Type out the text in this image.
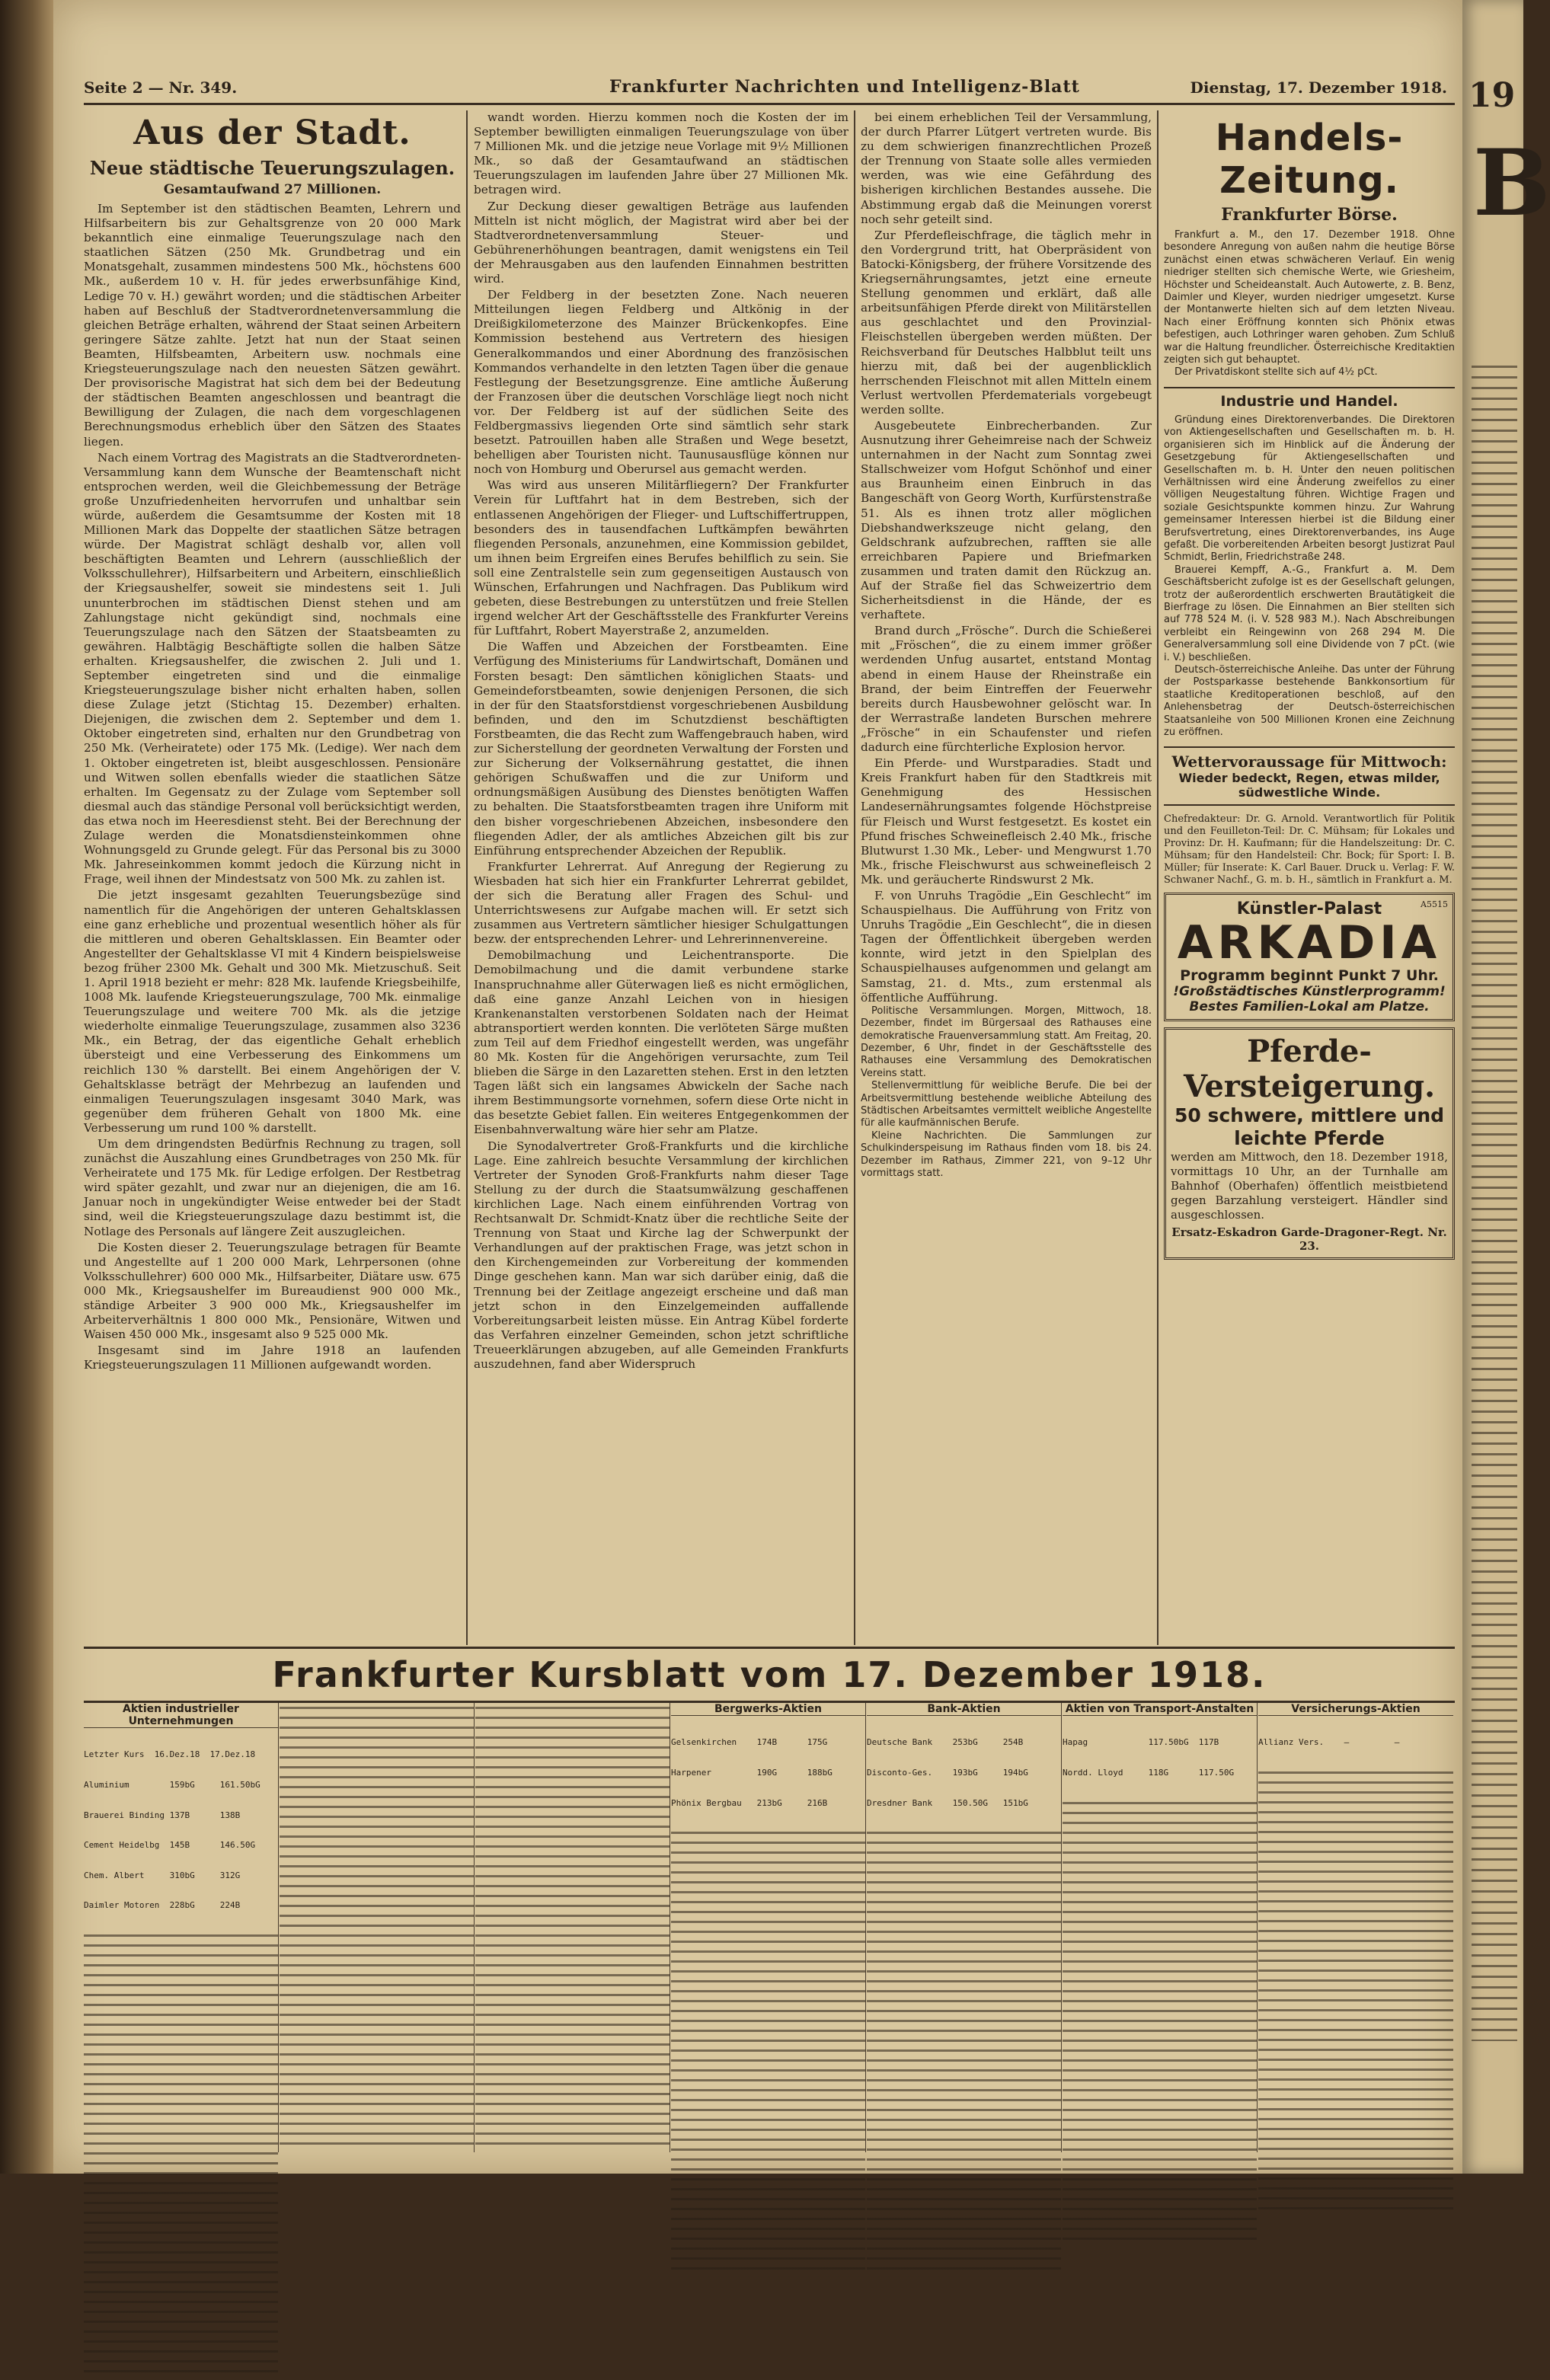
19
B
Seite 2 — Nr. 349.	Frankfurter Nachrichten und Intelligenz-Blatt	Dienstag, 17. Dezember 1918.
Aus der Stadt.
Neue städtische Teuerungszulagen.
Gesamtaufwand 27 Millionen.

Im September ist den städtischen Beamten, Lehrern und Hilfsarbeitern bis zur Gehaltsgrenze von 20 000 Mark bekanntlich eine einmalige Teuerungszulage nach den staatlichen Sätzen (250 Mk. Grundbetrag und ein Monatsgehalt, zusammen mindestens 500 Mk., höchstens 600 Mk., außerdem 10 v. H. für jedes erwerbsunfähige Kind, Ledige 70 v. H.) gewährt worden; und die städtischen Arbeiter haben auf Beschluß der Stadtverordnetenversammlung die gleichen Beträge erhalten, während der Staat seinen Arbeitern geringere Sätze zahlte. Jetzt hat nun der Staat seinen Beamten, Hilfsbeamten, Arbeitern usw. nochmals eine Kriegsteuerungszulage nach den neuesten Sätzen gewährt. Der provisorische Magistrat hat sich dem bei der Bedeutung der städtischen Beamten angeschlossen und beantragt die Bewilligung der Zulagen, die nach dem vorgeschlagenen Berechnungsmodus erheblich über den Sätzen des Staates liegen.

Nach einem Vortrag des Magistrats an die Stadtverordneten-Versammlung kann dem Wunsche der Beamtenschaft nicht entsprochen werden, weil die Gleichbemessung der Beträge große Unzufriedenheiten hervorrufen und unhaltbar sein würde, außerdem die Gesamtsumme der Kosten mit 18 Millionen Mark das Doppelte der staatlichen Sätze betragen würde. Der Magistrat schlägt deshalb vor, allen voll beschäftigten Beamten und Lehrern (ausschließlich der Volksschullehrer), Hilfsarbeitern und Arbeitern, einschließlich der Kriegsaushelfer, soweit sie mindestens seit 1. Juli ununterbrochen im städtischen Dienst stehen und am Zahlungstage nicht gekündigt sind, nochmals eine Teuerungszulage nach den Sätzen der Staatsbeamten zu gewähren. Halbtägig Beschäftigte sollen die halben Sätze erhalten. Kriegsaushelfer, die zwischen 2. Juli und 1. September eingetreten sind und die einmalige Kriegsteuerungszulage bisher nicht erhalten haben, sollen diese Zulage jetzt (Stichtag 15. Dezember) erhalten. Diejenigen, die zwischen dem 2. September und dem 1. Oktober eingetreten sind, erhalten nur den Grundbetrag von 250 Mk. (Verheiratete) oder 175 Mk. (Ledige). Wer nach dem 1. Oktober eingetreten ist, bleibt ausgeschlossen. Pensionäre und Witwen sollen ebenfalls wieder die staatlichen Sätze erhalten. Im Gegensatz zu der Zulage vom September soll diesmal auch das ständige Personal voll berücksichtigt werden, das etwa noch im Heeresdienst steht. Bei der Berechnung der Zulage werden die Monatsdiensteinkommen ohne Wohnungsgeld zu Grunde gelegt. Für das Personal bis zu 3000 Mk. Jahreseinkommen kommt jedoch die Kürzung nicht in Frage, weil ihnen der Mindestsatz von 500 Mk. zu zahlen ist.

Die jetzt insgesamt gezahlten Teuerungsbezüge sind namentlich für die Angehörigen der unteren Gehaltsklassen eine ganz erhebliche und prozentual wesentlich höher als für die mittleren und oberen Gehaltsklassen. Ein Beamter oder Angestellter der Gehaltsklasse VI mit 4 Kindern beispielsweise bezog früher 2300 Mk. Gehalt und 300 Mk. Mietzuschuß. Seit 1. April 1918 bezieht er mehr: 828 Mk. laufende Kriegsbeihilfe, 1008 Mk. laufende Kriegsteuerungszulage, 700 Mk. einmalige Teuerungszulage und weitere 700 Mk. als die jetzige wiederholte einmalige Teuerungszulage, zusammen also 3236 Mk., ein Betrag, der das eigentliche Gehalt erheblich übersteigt und eine Verbesserung des Einkommens um reichlich 130 % darstellt. Bei einem Angehörigen der V. Gehaltsklasse beträgt der Mehrbezug an laufenden und einmaligen Teuerungszulagen insgesamt 3040 Mark, was gegenüber dem früheren Gehalt von 1800 Mk. eine Verbesserung um rund 100 % darstellt.

Um dem dringendsten Bedürfnis Rechnung zu tragen, soll zunächst die Auszahlung eines Grundbetrages von 250 Mk. für Verheiratete und 175 Mk. für Ledige erfolgen. Der Restbetrag wird später gezahlt, und zwar nur an diejenigen, die am 16. Januar noch in ungekündigter Weise entweder bei der Stadt sind, weil die Kriegsteuerungszulage dazu bestimmt ist, die Notlage des Personals auf längere Zeit auszugleichen.

Die Kosten dieser 2. Teuerungszulage betragen für Beamte und Angestellte auf 1 200 000 Mark, Lehrpersonen (ohne Volksschullehrer) 600 000 Mk., Hilfsarbeiter, Diätare usw. 675 000 Mk., Kriegsaushelfer im Bureaudienst 900 000 Mk., ständige Arbeiter 3 900 000 Mk., Kriegsaushelfer im Arbeiterverhältnis 1 800 000 Mk., Pensionäre, Witwen und Waisen 450 000 Mk., insgesamt also 9 525 000 Mk.

Insgesamt sind im Jahre 1918 an laufenden Kriegsteuerungszulagen 11 Millionen aufgewandt worden.

wandt worden. Hierzu kommen noch die Kosten der im September bewilligten einmaligen Teuerungszulage von über 7 Millionen Mk. und die jetzige neue Vorlage mit 9½ Millionen Mk., so daß der Gesamtaufwand an städtischen Teuerungszulagen im laufenden Jahre über 27 Millionen Mk. betragen wird.

Zur Deckung dieser gewaltigen Beträge aus laufenden Mitteln ist nicht möglich, der Magistrat wird aber bei der Stadtverordnetenversammlung Steuer- und Gebührenerhöhungen beantragen, damit wenigstens ein Teil der Mehrausgaben aus den laufenden Einnahmen bestritten wird.

Der Feldberg in der besetzten Zone. Nach neueren Mitteilungen liegen Feldberg und Altkönig in der Dreißigkilometerzone des Mainzer Brückenkopfes. Eine Kommission bestehend aus Vertretern des hiesigen Generalkommandos und einer Abordnung des französischen Kommandos verhandelte in den letzten Tagen über die genaue Festlegung der Besetzungsgrenze. Eine amtliche Äußerung der Franzosen über die deutschen Vorschläge liegt noch nicht vor. Der Feldberg ist auf der südlichen Seite des Feldbergmassivs liegenden Orte sind sämtlich sehr stark besetzt. Patrouillen haben alle Straßen und Wege besetzt, behelligen aber Touristen nicht. Taunusausflüge können nur noch von Homburg und Oberursel aus gemacht werden.

Was wird aus unseren Militärfliegern? Der Frankfurter Verein für Luftfahrt hat in dem Bestreben, sich der entlassenen Angehörigen der Flieger- und Luftschiffertruppen, besonders des in tausendfachen Luftkämpfen bewährten fliegenden Personals, anzunehmen, eine Kommission gebildet, um ihnen beim Ergreifen eines Berufes behilflich zu sein. Sie soll eine Zentralstelle sein zum gegenseitigen Austausch von Wünschen, Erfahrungen und Nachfragen. Das Publikum wird gebeten, diese Bestrebungen zu unterstützen und freie Stellen irgend welcher Art der Geschäftsstelle des Frankfurter Vereins für Luftfahrt, Robert Mayerstraße 2, anzumelden.

Die Waffen und Abzeichen der Forstbeamten. Eine Verfügung des Ministeriums für Landwirtschaft, Domänen und Forsten besagt: Den sämtlichen königlichen Staats- und Gemeindeforstbeamten, sowie denjenigen Personen, die sich in der für den Staatsforstdienst vorgeschriebenen Ausbildung befinden, und den im Schutzdienst beschäftigten Forstbeamten, die das Recht zum Waffengebrauch haben, wird zur Sicherstellung der geordneten Verwaltung der Forsten und zur Sicherung der Volksernährung gestattet, die ihnen gehörigen Schußwaffen und die zur Uniform und ordnungsmäßigen Ausübung des Dienstes benötigten Waffen zu behalten. Die Staatsforstbeamten tragen ihre Uniform mit den bisher vorgeschriebenen Abzeichen, insbesondere den fliegenden Adler, der als amtliches Abzeichen gilt bis zur Einführung entsprechender Abzeichen der Republik.

Frankfurter Lehrerrat. Auf Anregung der Regierung zu Wiesbaden hat sich hier ein Frankfurter Lehrerrat gebildet, der sich die Beratung aller Fragen des Schul- und Unterrichtswesens zur Aufgabe machen will. Er setzt sich zusammen aus Vertretern sämtlicher hiesiger Schulgattungen bezw. der entsprechenden Lehrer- und Lehrerinnenvereine.

Demobilmachung und Leichentransporte. Die Demobilmachung und die damit verbundene starke Inanspruchnahme aller Güterwagen ließ es nicht ermöglichen, daß eine ganze Anzahl Leichen von in hiesigen Krankenanstalten verstorbenen Soldaten nach der Heimat abtransportiert werden konnten. Die verlöteten Särge mußten zum Teil auf dem Friedhof eingestellt werden, was ungefähr 80 Mk. Kosten für die Angehörigen verursachte, zum Teil blieben die Särge in den Lazaretten stehen. Erst in den letzten Tagen läßt sich ein langsames Abwickeln der Sache nach ihrem Bestimmungsorte vornehmen, sofern diese Orte nicht in das besetzte Gebiet fallen. Ein weiteres Entgegenkommen der Eisenbahnverwaltung wäre hier sehr am Platze.

Die Synodalvertreter Groß-Frankfurts und die kirchliche Lage. Eine zahlreich besuchte Versammlung der kirchlichen Vertreter der Synoden Groß-Frankfurts nahm dieser Tage Stellung zu der durch die Staatsumwälzung geschaffenen kirchlichen Lage. Nach einem einführenden Vortrag von Rechtsanwalt Dr. Schmidt-Knatz über die rechtliche Seite der Trennung von Staat und Kirche lag der Schwerpunkt der Verhandlungen auf der praktischen Frage, was jetzt schon in den Kirchengemeinden zur Vorbereitung der kommenden Dinge geschehen kann. Man war sich darüber einig, daß die Trennung bei der Zeitlage angezeigt erscheine und daß man jetzt schon in den Einzelgemeinden auffallende Vorbereitungsarbeit leisten müsse. Ein Antrag Kübel forderte das Verfahren einzelner Gemeinden, schon jetzt schriftliche Treueerklärungen abzugeben, auf alle Gemeinden Frankfurts auszudehnen, fand aber Widerspruch

bei einem erheblichen Teil der Versammlung, der durch Pfarrer Lütgert vertreten wurde. Bis zu dem schwierigen finanzrechtlichen Prozeß der Trennung von Staate solle alles vermieden werden, was wie eine Gefährdung des bisherigen kirchlichen Bestandes aussehe. Die Abstimmung ergab daß die Meinungen vorerst noch sehr geteilt sind.

Zur Pferdefleischfrage, die täglich mehr in den Vordergrund tritt, hat Oberpräsident von Batocki-Königsberg, der frühere Vorsitzende des Kriegsernährungsamtes, jetzt eine erneute Stellung genommen und erklärt, daß alle arbeitsunfähigen Pferde direkt von Militärstellen aus geschlachtet und den Provinzial-Fleischstellen übergeben werden müßten. Der Reichsverband für Deutsches Halbblut teilt uns hierzu mit, daß bei der augenblicklich herrschenden Fleischnot mit allen Mitteln einem Verlust wertvollen Pferdematerials vorgebeugt werden sollte.

Ausgebeutete Einbrecherbanden. Zur Ausnutzung ihrer Geheimreise nach der Schweiz unternahmen in der Nacht zum Sonntag zwei Stallschweizer vom Hofgut Schönhof und einer aus Braunheim einen Einbruch in das Bangeschäft von Georg Worth, Kurfürstenstraße 51. Als es ihnen trotz aller möglichen Diebshandwerkszeuge nicht gelang, den Geldschrank aufzubrechen, rafften sie alle erreichbaren Papiere und Briefmarken zusammen und traten damit den Rückzug an. Auf der Straße fiel das Schweizertrio dem Sicherheitsdienst in die Hände, der es verhaftete.

Brand durch „Frösche“. Durch die Schießerei mit „Fröschen“, die zu einem immer größer werdenden Unfug ausartet, entstand Montag abend in einem Hause der Rheinstraße ein Brand, der beim Eintreffen der Feuerwehr bereits durch Hausbewohner gelöscht war. In der Werrastraße landeten Burschen mehrere „Frösche“ in ein Schaufenster und riefen dadurch eine fürchterliche Explosion hervor.

Ein Pferde- und Wurstparadies. Stadt und Kreis Frankfurt haben für den Stadtkreis mit Genehmigung des Hessischen Landesernährungsamtes folgende Höchstpreise für Fleisch und Wurst festgesetzt. Es kostet ein Pfund frisches Schweinefleisch 2.40 Mk., frische Blutwurst 1.30 Mk., Leber- und Mengwurst 1.70 Mk., frische Fleischwurst aus schweinefleisch 2 Mk. und geräucherte Rindswurst 2 Mk.

F. von Unruhs Tragödie „Ein Geschlecht“ im Schauspielhaus. Die Aufführung von Fritz von Unruhs Tragödie „Ein Geschlecht“, die in diesen Tagen der Öffentlichkeit übergeben werden konnte, wird jetzt in den Spielplan des Schauspielhauses aufgenommen und gelangt am Samstag, 21. d. Mts., zum erstenmal als öffentliche Aufführung.

Politische Versammlungen. Morgen, Mittwoch, 18. Dezember, findet im Bürgersaal des Rathauses eine demokratische Frauenversammlung statt. Am Freitag, 20. Dezember, 6 Uhr, findet in der Geschäftsstelle des Rathauses eine Versammlung des Demokratischen Vereins statt.

Stellenvermittlung für weibliche Berufe. Die bei der Arbeitsvermittlung bestehende weibliche Abteilung des Städtischen Arbeitsamtes vermittelt weibliche Angestellte für alle kaufmännischen Berufe.

Kleine Nachrichten. Die Sammlungen zur Schulkinderspeisung im Rathaus finden vom 18. bis 24. Dezember im Rathaus, Zimmer 221, von 9–12 Uhr vormittags statt.

Handels-Zeitung.
Frankfurter Börse.

Frankfurt a. M., den 17. Dezember 1918. Ohne besondere Anregung von außen nahm die heutige Börse zunächst einen etwas schwächeren Verlauf. Ein wenig niedriger stellten sich chemische Werte, wie Griesheim, Höchster und Scheideanstalt. Auch Autowerte, z. B. Benz, Daimler und Kleyer, wurden niedriger umgesetzt. Kurse der Montanwerte hielten sich auf dem letzten Niveau. Nach einer Eröffnung konnten sich Phönix etwas befestigen, auch Lothringer waren gehoben. Zum Schluß war die Haltung freundlicher. Österreichische Kreditaktien zeigten sich gut behauptet.

Der Privatdiskont stellte sich auf 4½ pCt.

Industrie und Handel.

Gründung eines Direktorenverbandes. Die Direktoren von Aktiengesellschaften und Gesellschaften m. b. H. organisieren sich im Hinblick auf die Änderung der Gesetzgebung für Aktiengesellschaften und Gesellschaften m. b. H. Unter den neuen politischen Verhältnissen wird eine Änderung zweifellos zu einer völligen Neugestaltung führen. Wichtige Fragen und soziale Gesichtspunkte kommen hinzu. Zur Wahrung gemeinsamer Interessen hierbei ist die Bildung einer Berufsvertretung, eines Direktorenverbandes, ins Auge gefaßt. Die vorbereitenden Arbeiten besorgt Justizrat Paul Schmidt, Berlin, Friedrichstraße 248.

Brauerei Kempff, A.-G., Frankfurt a. M. Dem Geschäftsbericht zufolge ist es der Gesellschaft gelungen, trotz der außerordentlich erschwerten Brautätigkeit die Bierfrage zu lösen. Die Einnahmen an Bier stellten sich auf 778 524 M. (i. V. 528 983 M.). Nach Abschreibungen verbleibt ein Reingewinn von 268 294 M. Die Generalversammlung soll eine Dividende von 7 pCt. (wie i. V.) beschließen.

Deutsch-österreichische Anleihe. Das unter der Führung der Postsparkasse bestehende Bankkonsortium für staatliche Kreditoperationen beschloß, auf den Anlehensbetrag der Deutsch-österreichischen Staatsanleihe von 500 Millionen Kronen eine Zeichnung zu eröffnen.

Wettervoraussage für Mittwoch:
Wieder bedeckt, Regen, etwas milder, südwestliche Winde.

Chefredakteur: Dr. G. Arnold. Verantwortlich für Politik und den Feuilleton-Teil: Dr. C. Mühsam; für Lokales und Provinz: Dr. H. Kaufmann; für die Handelszeitung: Dr. C. Mühsam; für den Handelsteil: Chr. Bock; für Sport: I. B. Müller; für Inserate: K. Carl Bauer. Druck u. Verlag: F. W. Schwaner Nachf., G. m. b. H., sämtlich in Frankfurt a. M.

A5515
Künstler-Palast
ARKADIA
Programm beginnt Punkt 7 Uhr.
!Großstädtisches Künstlerprogramm!
Bestes Familien-Lokal am Platze.
Pferde-Versteigerung.
50 schwere, mittlere und leichte Pferde
werden am Mittwoch, den 18. Dezember 1918, vormittags 10 Uhr, an der Turnhalle am Bahnhof (Oberhafen) öffentlich meistbietend gegen Barzahlung versteigert. Händler sind ausgeschlossen.
Ersatz-Eskadron Garde-Dragoner-Regt. Nr. 23.
Frankfurter Kursblatt vom 17. Dezember 1918.
Aktien industrieller Unternehmungen

Letzter Kurs  16.Dez.18  17.Dez.18

Aluminium        159bG     161.50bG

Brauerei Binding 137B      138B

Cement Heidelbg  145B      146.50G

Chem. Albert     310bG     312G

Daimler Motoren  228bG     224B

Bergwerks-Aktien

Gelsenkirchen    174B      175G

Harpener         190G      188bG

Phönix Bergbau   213bG     216B

Bank-Aktien

Deutsche Bank    253bG     254B

Disconto-Ges.    193bG     194bG

Dresdner Bank    150.50G   151bG

Aktien von Transport-Anstalten

Hapag            117.50bG  117B

Nordd. Lloyd     118G      117.50G

Versicherungs-Aktien

Allianz Vers.    —         —
